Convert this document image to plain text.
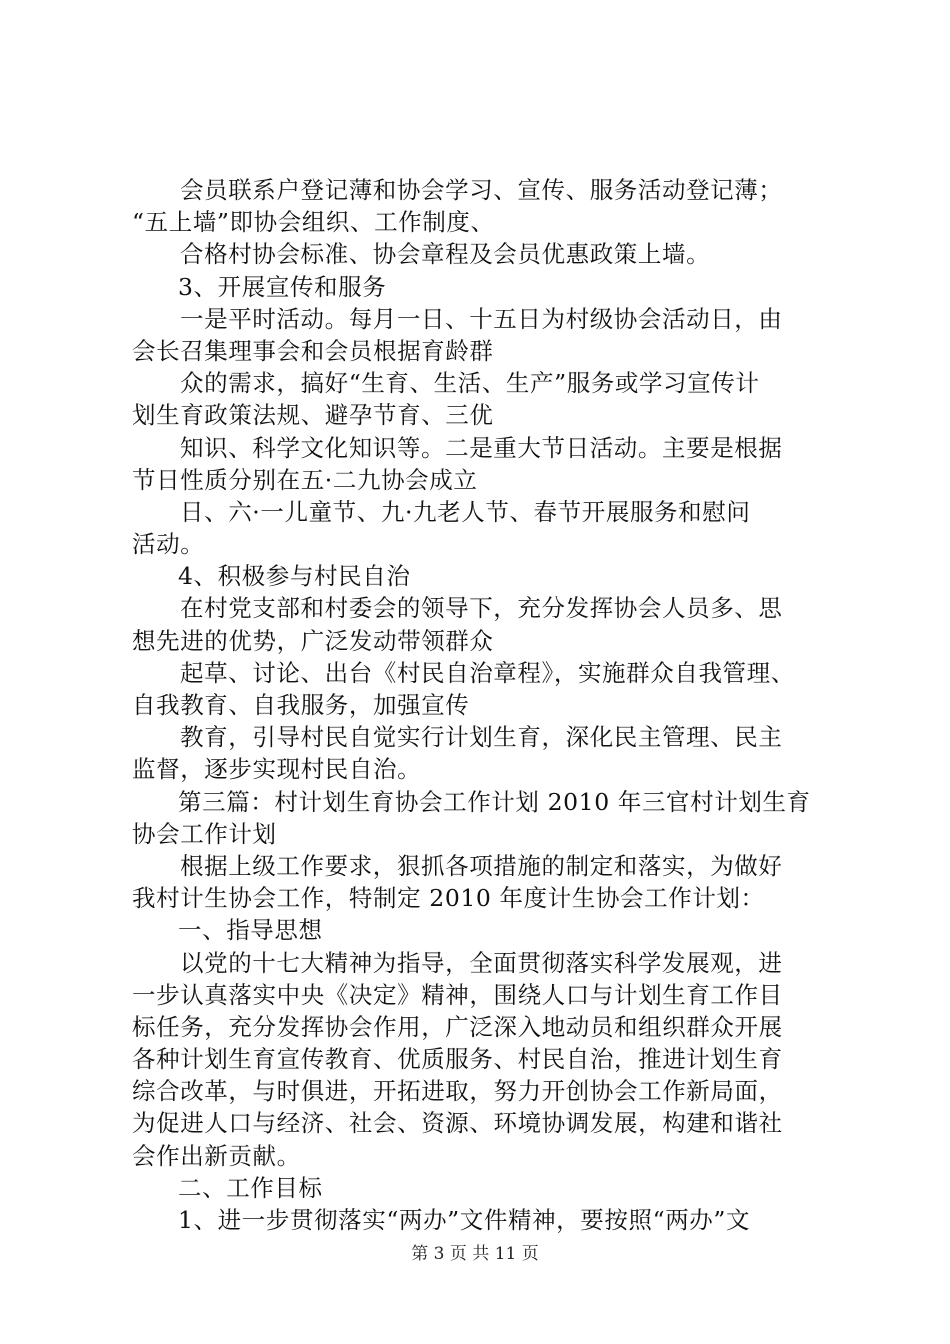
会员联系户登记薄和协会学习、宣传、服务活动登记薄；
“五上墙”即协会组织、工作制度、
合格村协会标准、协会章程及会员优惠政策上墙。
3、开展宣传和服务
一是平时活动。每月一日、十五日为村级协会活动日，由
会长召集理事会和会员根据育龄群
众的需求，搞好“生育、生活、生产”服务或学习宣传计
划生育政策法规、避孕节育、三优
知识、科学文化知识等。二是重大节日活动。主要是根据
节日性质分别在五·二九协会成立
日、六·一儿童节、九·九老人节、春节开展服务和慰问
活动。
4、积极参与村民自治
在村党支部和村委会的领导下，充分发挥协会人员多、思
想先进的优势，广泛发动带领群众
起草、讨论、出台《村民自治章程》，实施群众自我管理、
自我教育、自我服务，加强宣传
教育，引导村民自觉实行计划生育，深化民主管理、民主
监督，逐步实现村民自治。
第三篇：村计划生育协会工作计划 2010 年三官村计划生育
协会工作计划
根据上级工作要求，狠抓各项措施的制定和落实，为做好
我村计生协会工作，特制定 2010 年度计生协会工作计划：
一、指导思想
以党的十七大精神为指导，全面贯彻落实科学发展观，进
一步认真落实中央《决定》精神，围绕人口与计划生育工作目
标任务，充分发挥协会作用，广泛深入地动员和组织群众开展
各种计划生育宣传教育、优质服务、村民自治，推进计划生育
综合改革，与时俱进，开拓进取，努力开创协会工作新局面，
为促进人口与经济、社会、资源、环境协调发展，构建和谐社
会作出新贡献。
二、工作目标
1、进一步贯彻落实“两办”文件精神，要按照“两办”文
第 3 页 共 11 页
